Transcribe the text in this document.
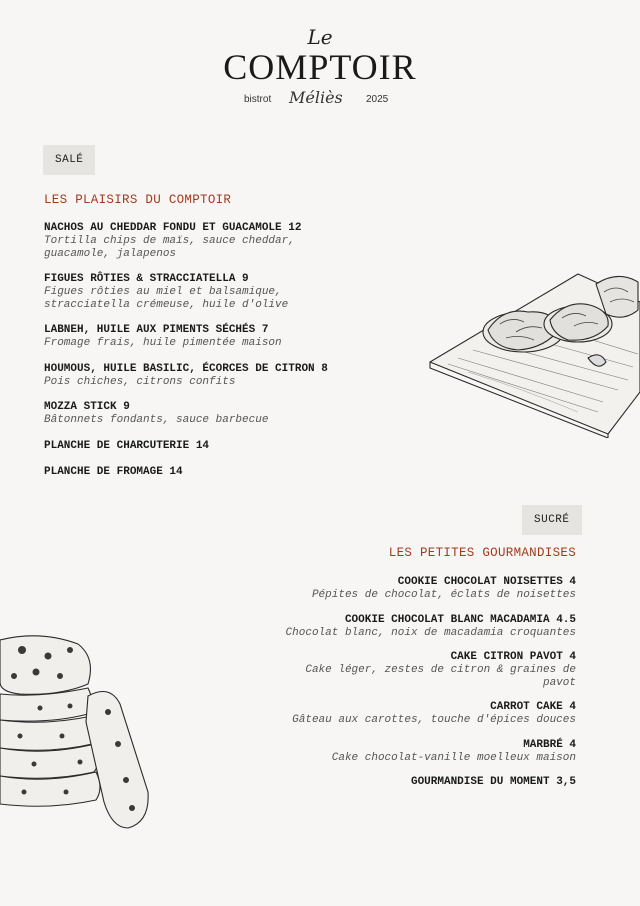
Le
COMPTOIR
bistrot Méliès 2025
SALÉ
LES PLAISIRS DU COMPTOIR
NACHOS AU CHEDDAR FONDU ET GUACAMOLE 12
Tortilla chips de maïs, sauce cheddar,
guacamole, jalapenos
FIGUES RÔTIES & STRACCIATELLA 9
Figues rôties au miel et balsamique,
stracciatella crémeuse, huile d'olive
LABNEH, HUILE AUX PIMENTS SÉCHÉS 7
Fromage frais, huile pimentée maison
HOUMOUS, HUILE BASILIC, ÉCORCES DE CITRON 8
Pois chiches, citrons confits
MOZZA STICK 9
Bâtonnets fondants, sauce barbecue
PLANCHE DE CHARCUTERIE 14
PLANCHE DE FROMAGE 14
SUCRÉ
LES PETITES GOURMANDISES
COOKIE CHOCOLAT NOISETTES 4
Pépites de chocolat, éclats de noisettes
COOKIE CHOCOLAT BLANC MACADAMIA 4.5
Chocolat blanc, noix de macadamia croquantes
CAKE CITRON PAVOT 4
Cake léger, zestes de citron & graines de
pavot
CARROT CAKE 4
Gâteau aux carottes, touche d'épices douces
MARBRÉ 4
Cake chocolat-vanille moelleux maison
GOURMANDISE DU MOMENT 3,5
